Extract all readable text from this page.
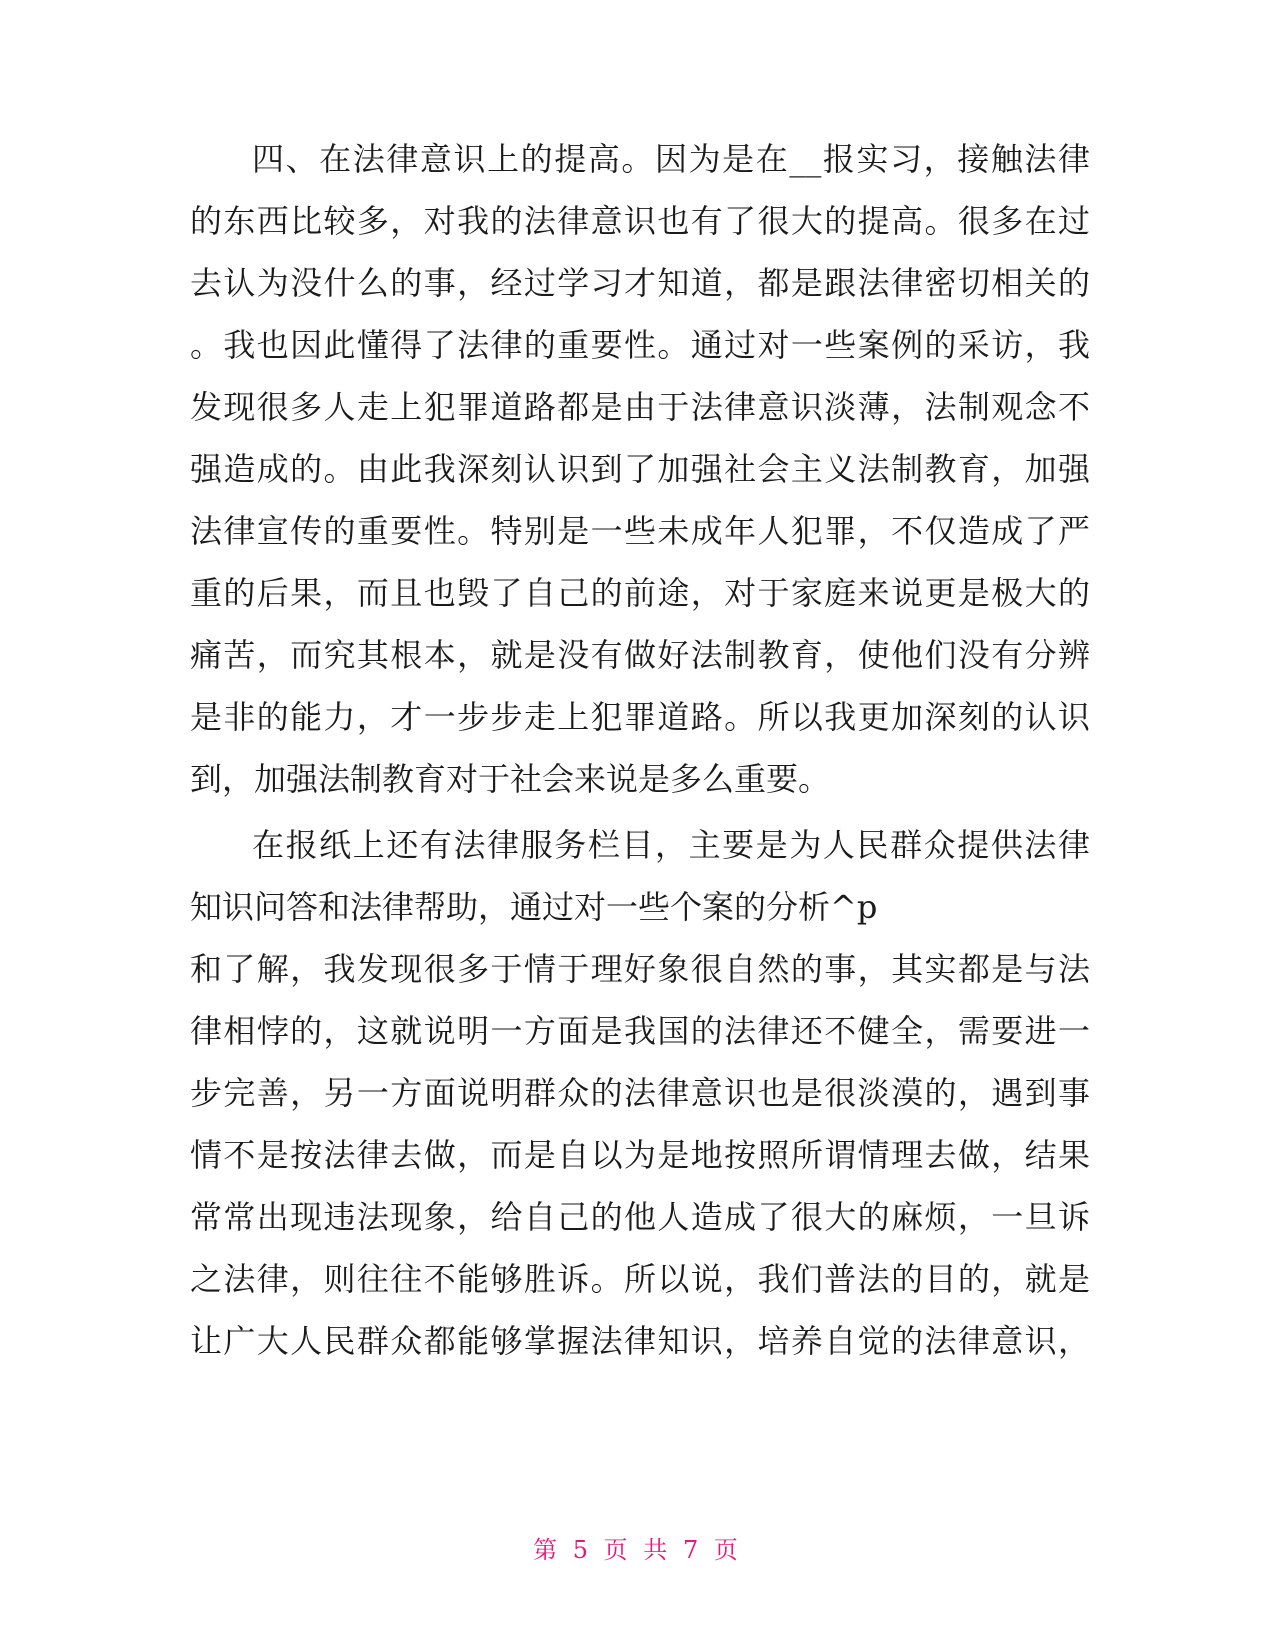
四、在法律意识上的提高。因为是在__报实习，接触法律
的东西比较多，对我的法律意识也有了很大的提高。很多在过
去认为没什么的事，经过学习才知道，都是跟法律密切相关的
。我也因此懂得了法律的重要性。通过对一些案例的采访，我
发现很多人走上犯罪道路都是由于法律意识淡薄，法制观念不
强造成的。由此我深刻认识到了加强社会主义法制教育，加强
法律宣传的重要性。特别是一些未成年人犯罪，不仅造成了严
重的后果，而且也毁了自己的前途，对于家庭来说更是极大的
痛苦，而究其根本，就是没有做好法制教育，使他们没有分辨
是非的能力，才一步步走上犯罪道路。所以我更加深刻的认识
到，加强法制教育对于社会来说是多么重要。
在报纸上还有法律服务栏目，主要是为人民群众提供法律
知识问答和法律帮助，通过对一些个案的分析^p
和了解，我发现很多于情于理好象很自然的事，其实都是与法
律相悖的，这就说明一方面是我国的法律还不健全，需要进一
步完善，另一方面说明群众的法律意识也是很淡漠的，遇到事
情不是按法律去做，而是自以为是地按照所谓情理去做，结果
常常出现违法现象，给自己的他人造成了很大的麻烦，一旦诉
之法律，则往往不能够胜诉。所以说，我们普法的目的，就是
让广大人民群众都能够掌握法律知识，培养自觉的法律意识，
第 5 页 共 7 页
